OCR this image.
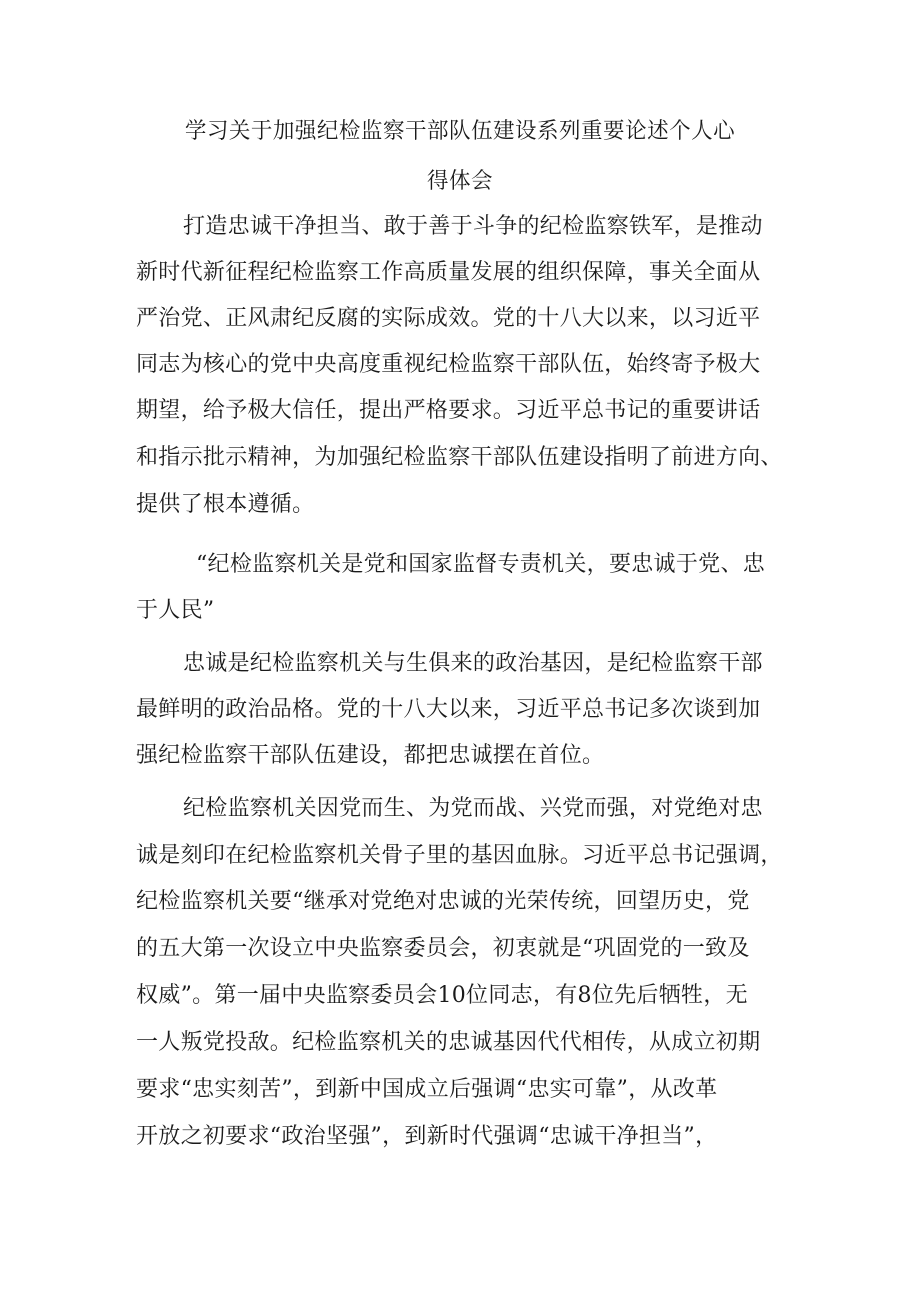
学习关于加强纪检监察干部队伍建设系列重要论述个人心
得体会
打造忠诚干净担当、敢于善于斗争的纪检监察铁军，是推动
新时代新征程纪检监察工作高质量发展的组织保障，事关全面从
严治党、正风肃纪反腐的实际成效。党的十八大以来，以习近平
同志为核心的党中央高度重视纪检监察干部队伍，始终寄予极大
期望，给予极大信任，提出严格要求。习近平总书记的重要讲话
和指示批示精神，为加强纪检监察干部队伍建设指明了前进方向、
提供了根本遵循。
“纪检监察机关是党和国家监督专责机关，要忠诚于党、忠
于人民”
忠诚是纪检监察机关与生俱来的政治基因，是纪检监察干部
最鲜明的政治品格。党的十八大以来，习近平总书记多次谈到加
强纪检监察干部队伍建设，都把忠诚摆在首位。
纪检监察机关因党而生、为党而战、兴党而强，对党绝对忠
诚是刻印在纪检监察机关骨子里的基因血脉。习近平总书记强调，
纪检监察机关要“继承对党绝对忠诚的光荣传统，回望历史，党
的五大第一次设立中央监察委员会，初衷就是“巩固党的一致及
权威”。第一届中央监察委员会10位同志，有8位先后牺牲，无
一人叛党投敌。纪检监察机关的忠诚基因代代相传，从成立初期
要求“忠实刻苦”，到新中国成立后强调“忠实可靠”，从改革
开放之初要求“政治坚强”，到新时代强调“忠诚干净担当”，
